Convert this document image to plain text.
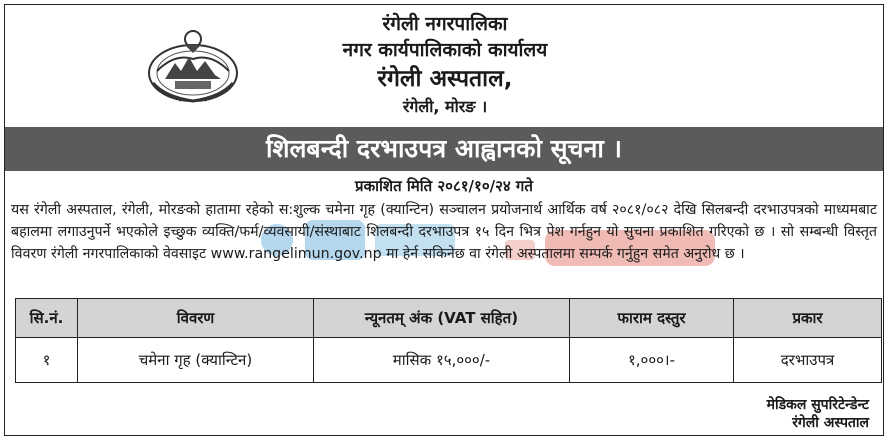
रंगेली नगरपालिका
नगर कार्यपालिकाको कार्यालय
रंगेली अस्पताल,
रंगेली, मोरङ ।
शिलबन्दी दरभाउपत्र आह्वानको सूचना ।
प्रकाशित मिति २०८१/१०/२४ गते
यस रंगेली अस्पताल, रंगेली, मोरङको हातामा रहेको स:शुल्क चमेना गृह (क्यान्टिन) सञ्चालन प्रयोजनार्थ आर्थिक वर्ष २०८१/०८२ देखि सिलबन्दी दरभाउपत्रको माध्यमबाट बहालमा लगाउनुपर्ने भएकोले इच्छुक व्यक्ति/फर्म/व्यवसायी/संस्थाबाट शिलबन्दी दरभाउपत्र १५ दिन भित्र पेश गर्नहुन यो सुचना प्रकाशित गरिएको छ । सो सम्बन्धी विस्तृत विवरण रंगेली नगरपालिकाको वेवसाइट www.rangelimun.gov.np मा हेर्न सकिनेछ वा रंगेली अस्पतालमा सम्पर्क गर्नुहुन समेत अनुरोध छ ।
सि.नं.	विवरण	न्यूनतम् अंक (VAT सहित)	फाराम दस्तुर	प्रकार
१	चमेना गृह (क्यान्टिन)	मासिक १५,०००/-	१,०००।-	दरभाउपत्र
मेडिकल सुपरिटेन्डेन्ट
रंगेली अस्पताल
